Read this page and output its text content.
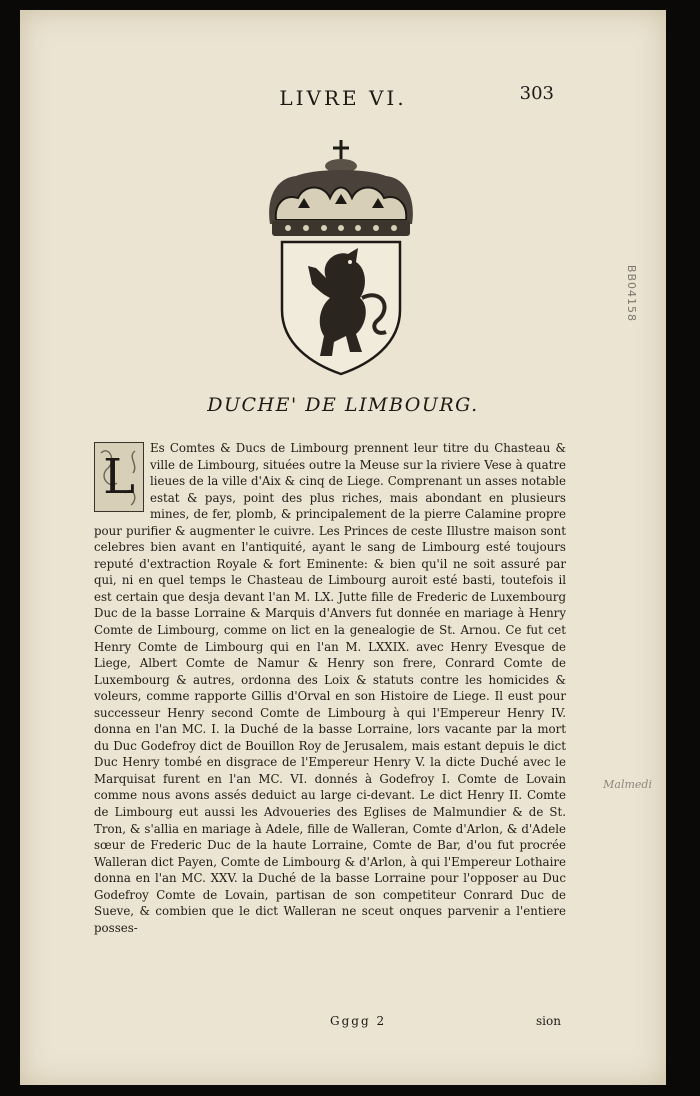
LIVRE VI.	303
BB04158
Malmedi
DUCHE' DE LIMBOURG.
L
Es Comtes & Ducs de Limbourg prennent leur titre du Chasteau & ville de Limbourg, situées outre la Meuse sur la riviere Vese à quatre lieues de la ville d'Aix & cinq de Liege. Comprenant un asses notable estat & pays, point des plus riches, mais abondant en plusieurs mines, de fer, plomb, & principalement de la pierre Calamine propre pour purifier & augmenter le cuivre. Les Princes de ceste Illustre maison sont celebres bien avant en l'antiquité, ayant le sang de Limbourg esté toujours reputé d'extraction Royale & fort Eminente: & bien qu'il ne soit assuré par qui, ni en quel temps le Chasteau de Limbourg auroit esté basti, toutefois il est certain que desja devant l'an M. LX. Jutte fille de Frederic de Luxembourg Duc de la basse Lorraine & Marquis d'Anvers fut donnée en mariage à Henry Comte de Limbourg, comme on lict en la genealogie de St. Arnou. Ce fut cet Henry Comte de Limbourg qui en l'an M. LXXIX. avec Henry Evesque de Liege, Albert Comte de Namur & Henry son frere, Conrard Comte de Luxembourg & autres, ordonna des Loix & statuts contre les homicides & voleurs, comme rapporte Gillis d'Orval en son Histoire de Liege. Il eust pour successeur Henry second Comte de Limbourg à qui l'Empereur Henry IV. donna en l'an MC. I. la Duché de la basse Lorraine, lors vacante par la mort du Duc Godefroy dict de Bouillon Roy de Jerusalem, mais estant depuis le dict Duc Henry tombé en disgrace de l'Empereur Henry V. la dicte Duché avec le Marquisat furent en l'an MC. VI. donnés à Godefroy I. Comte de Lovain comme nous avons assés deduict au large ci-devant. Le dict Henry II. Comte de Limbourg eut aussi les Advoueries des Eglises de Malmundier & de St. Tron, & s'allia en mariage à Adele, fille de Walleran, Comte d'Arlon, & d'Adele sœur de Frederic Duc de la haute Lorraine, Comte de Bar, d'ou fut procrée Walleran dict Payen, Comte de Limbourg & d'Arlon, à qui l'Empereur Lothaire donna en l'an MC. XXV. la Duché de la basse Lorraine pour l'opposer au Duc Godefroy Comte de Lovain, partisan de son competiteur Conrard Duc de Sueve, & combien que le dict Walleran ne sceut onques parvenir a l'entiere posses-
Gggg 2	sion
